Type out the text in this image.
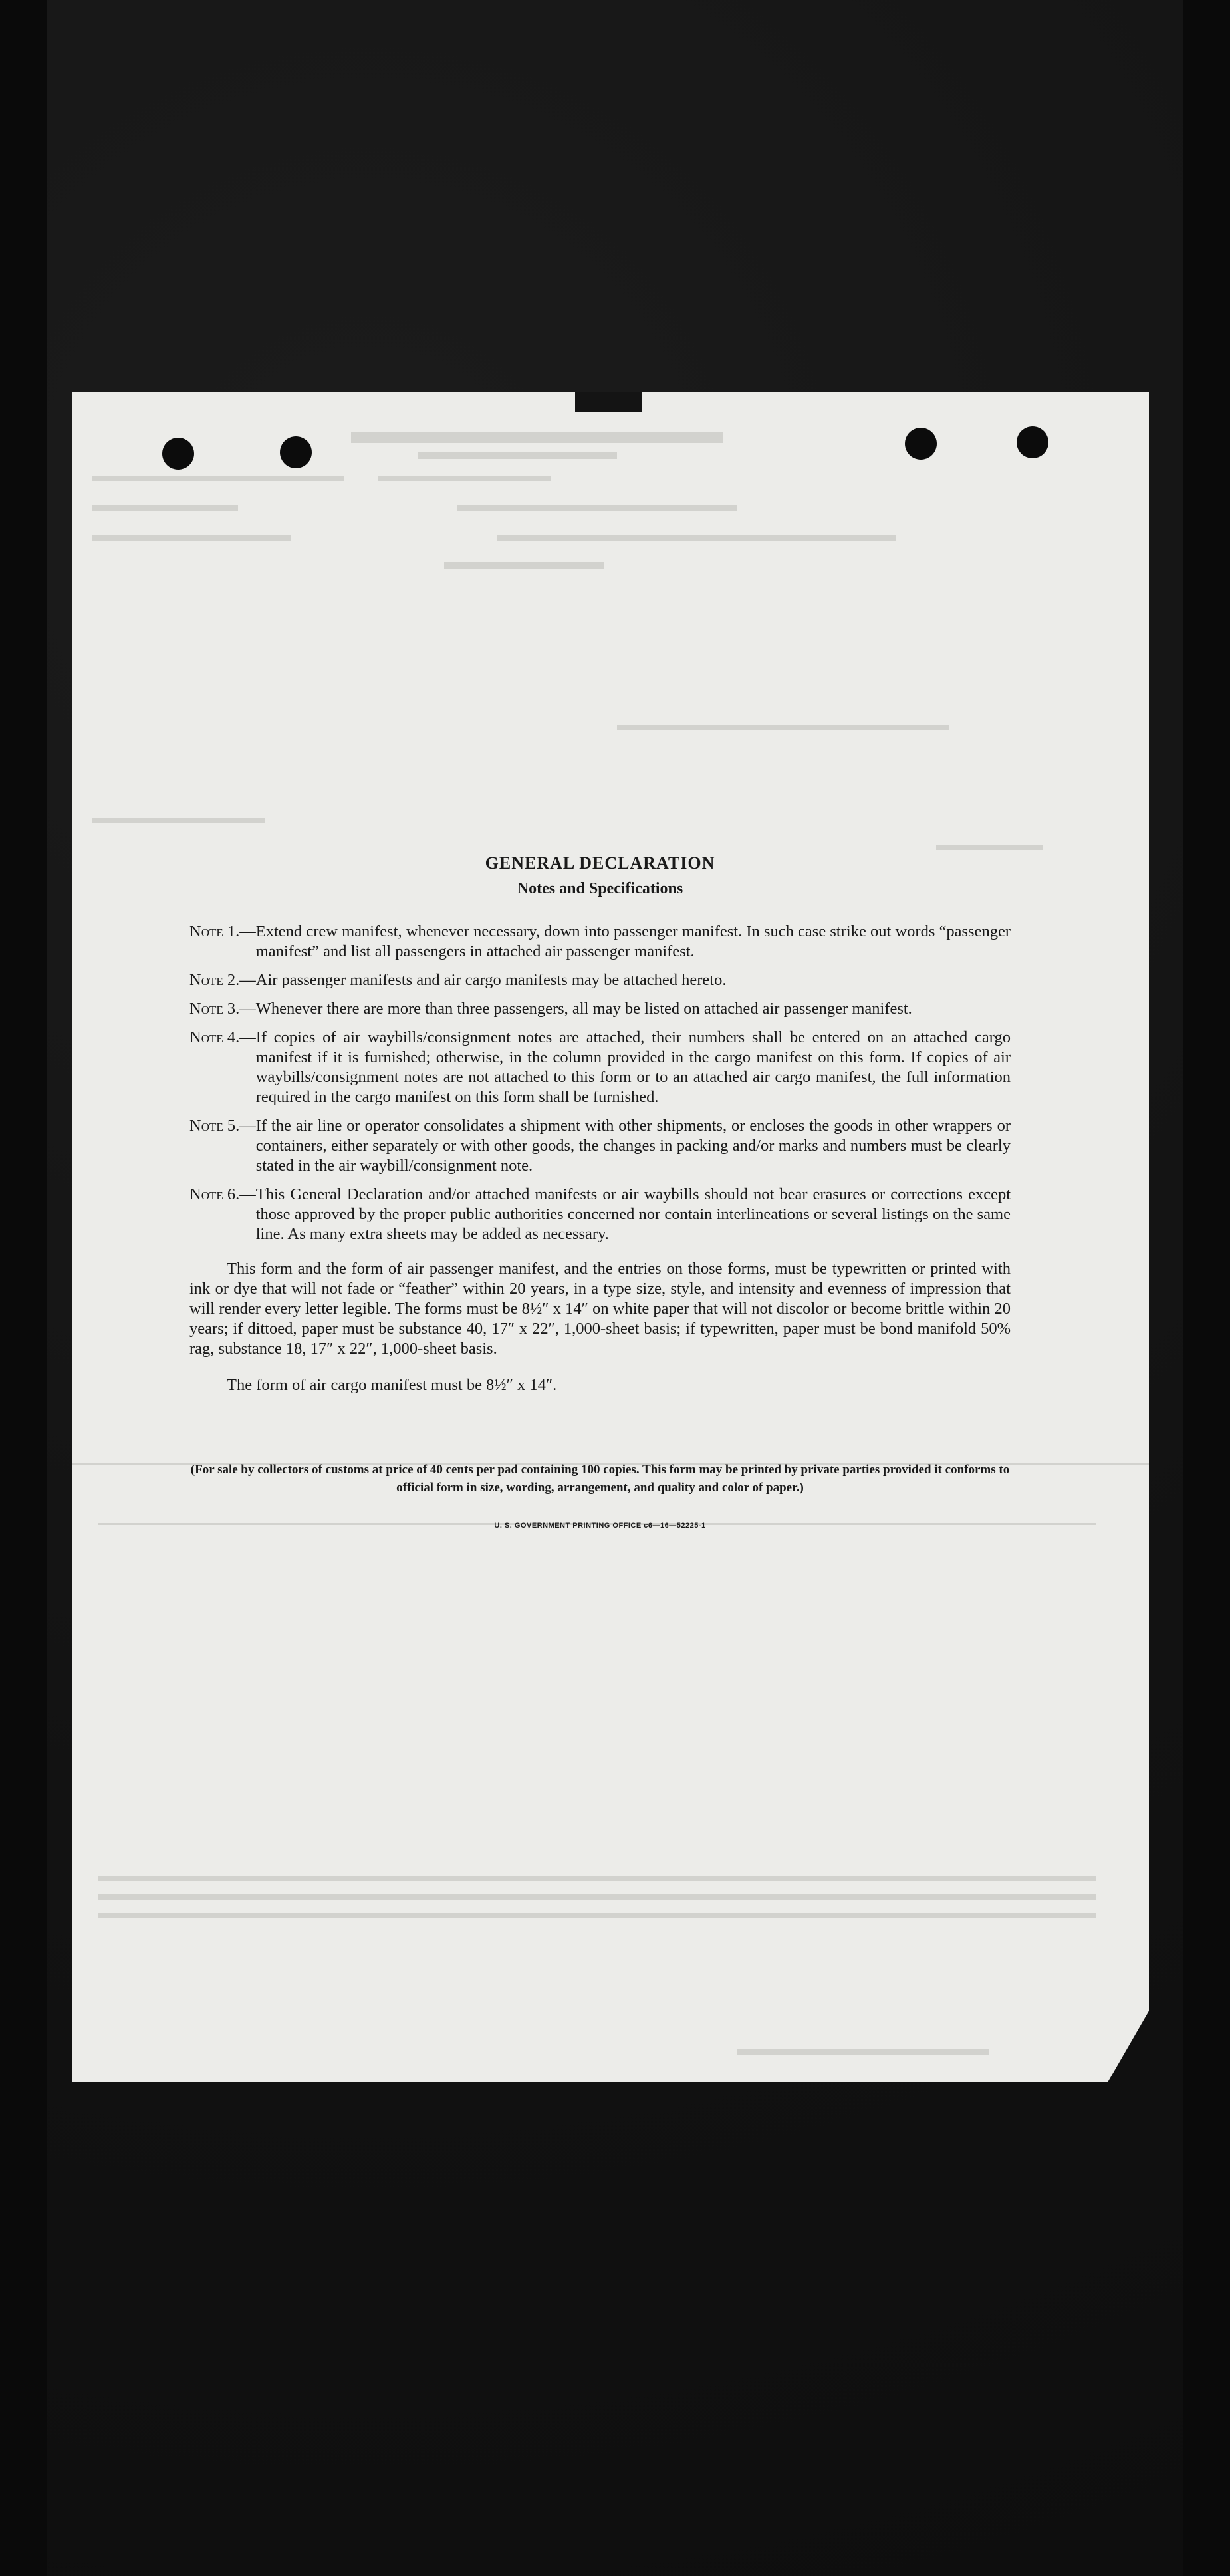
GENERAL DECLARATION
Notes and Specifications
Note 1.— Extend crew manifest, whenever necessary, down into passenger manifest. In such case strike out words “passenger manifest” and list all passengers in attached air passenger manifest.
Note 2.— Air passenger manifests and air cargo manifests may be attached hereto.
Note 3.— Whenever there are more than three passengers, all may be listed on attached air passenger manifest.
Note 4.— If copies of air waybills/consignment notes are attached, their numbers shall be entered on an attached cargo manifest if it is furnished; otherwise, in the column provided in the cargo manifest on this form. If copies of air waybills/consignment notes are not attached to this form or to an attached air cargo manifest, the full information required in the cargo manifest on this form shall be furnished.
Note 5.— If the air line or operator consolidates a shipment with other shipments, or encloses the goods in other wrappers or containers, either separately or with other goods, the changes in packing and/or marks and numbers must be clearly stated in the air waybill/consignment note.
Note 6.— This General Declaration and/or attached manifests or air waybills should not bear erasures or corrections except those approved by the proper public authorities concerned nor contain interlineations or several listings on the same line. As many extra sheets may be added as necessary.

This form and the form of air passenger manifest, and the entries on those forms, must be typewritten or printed with ink or dye that will not fade or “feather” within 20 years, in a type size, style, and intensity and evenness of impression that will render every letter legible. The forms must be 8½″ x 14″ on white paper that will not discolor or become brittle within 20 years; if dittoed, paper must be substance 40, 17″ x 22″, 1,000-sheet basis; if typewritten, paper must be bond manifold 50% rag, substance 18, 17″ x 22″, 1,000-sheet basis.

The form of air cargo manifest must be 8½″ x 14″.
(For sale by collectors of customs at price of 40 cents per pad containing 100 copies. This form may be printed by private parties provided it conforms to official form in size, wording, arrangement, and quality and color of paper.)
U. S. GOVERNMENT PRINTING OFFICE c6—16—52225-1
